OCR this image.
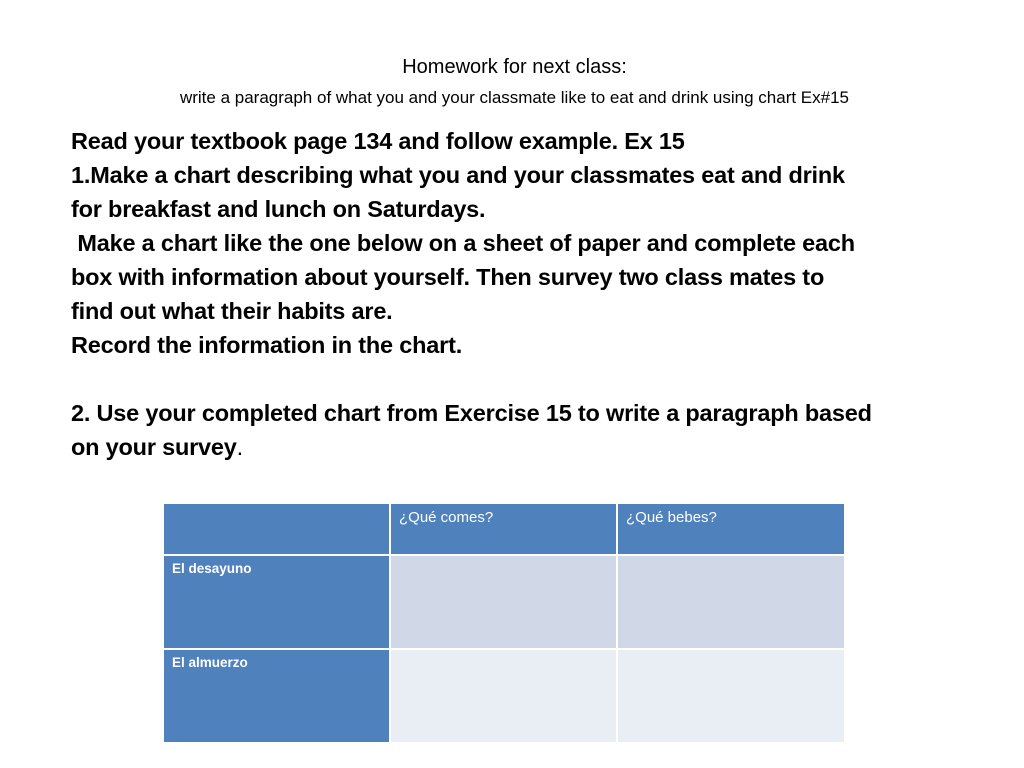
Homework for next class:
write a paragraph of what you and your classmate like to eat and drink using chart Ex#15

Read your textbook page 134 and follow example. Ex 15

1.Make a chart describing what you and your classmates eat and drink

for breakfast and lunch on Saturdays.

Make a chart like the one below on a sheet of paper and complete each

box with information about yourself. Then survey two class mates to

find out what their habits are.

Record the information in the chart.

2. Use your completed chart from Exercise 15 to write a paragraph based

on your survey.

	¿Qué comes?	¿Qué bebes?
El desayuno		
El almuerzo		
